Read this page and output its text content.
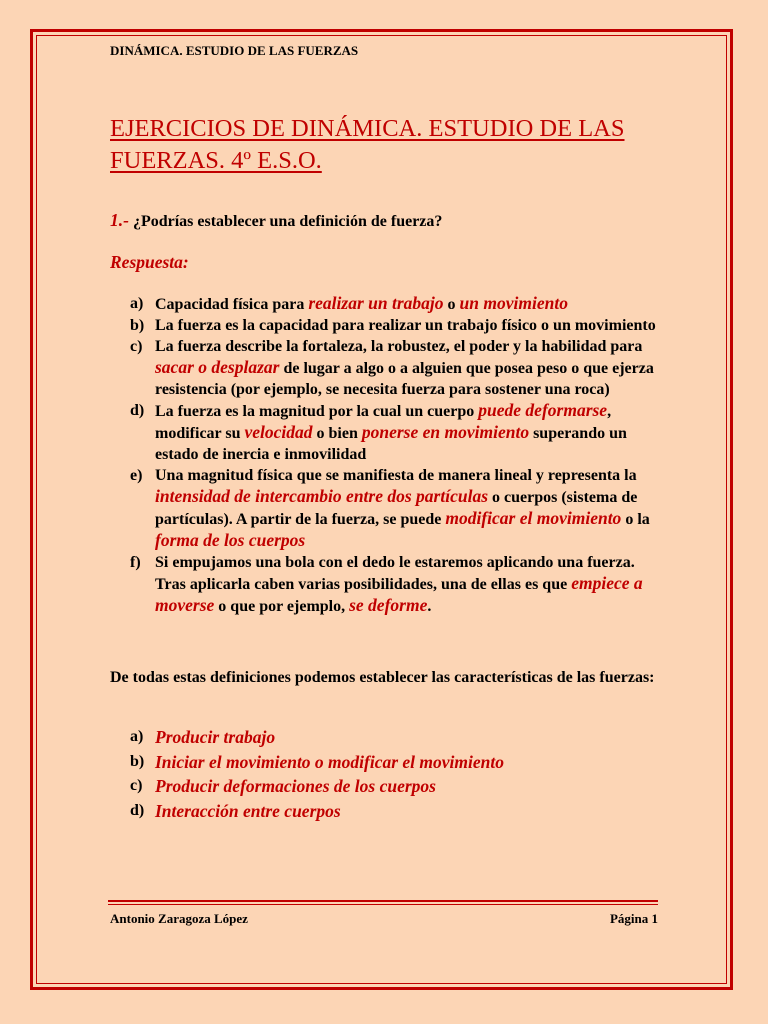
DINÁMICA. ESTUDIO DE LAS FUERZAS
EJERCICIOS DE DINÁMICA. ESTUDIO DE LAS FUERZAS. 4º E.S.O.
1.- ¿Podrías establecer una definición de fuerza?
Respuesta:
a) Capacidad física para realizar un trabajo o un movimiento
b) La fuerza es la capacidad para realizar un trabajo físico o un movimiento
c) La fuerza describe la fortaleza, la robustez, el poder y la habilidad para sacar o desplazar de lugar a algo o a alguien que posea peso o que ejerza resistencia (por ejemplo, se necesita fuerza para sostener una roca)
d) La fuerza es la magnitud por la cual un cuerpo puede deformarse, modificar su velocidad o bien ponerse en movimiento superando un estado de inercia e inmovilidad
e) Una magnitud física que se manifiesta de manera lineal y representa la intensidad de intercambio entre dos partículas o cuerpos (sistema de partículas). A partir de la fuerza, se puede modificar el movimiento o la forma de los cuerpos
f) Si empujamos una bola con el dedo le estaremos aplicando una fuerza. Tras aplicarla caben varias posibilidades, una de ellas es que empiece a moverse o que por ejemplo, se deforme.

De todas estas definiciones podemos establecer las características de las fuerzas:

a) Producir trabajo
b) Iniciar el movimiento o modificar el movimiento
c) Producir deformaciones de los cuerpos
d) Interacción entre cuerpos
Antonio Zaragoza López	Página 1
